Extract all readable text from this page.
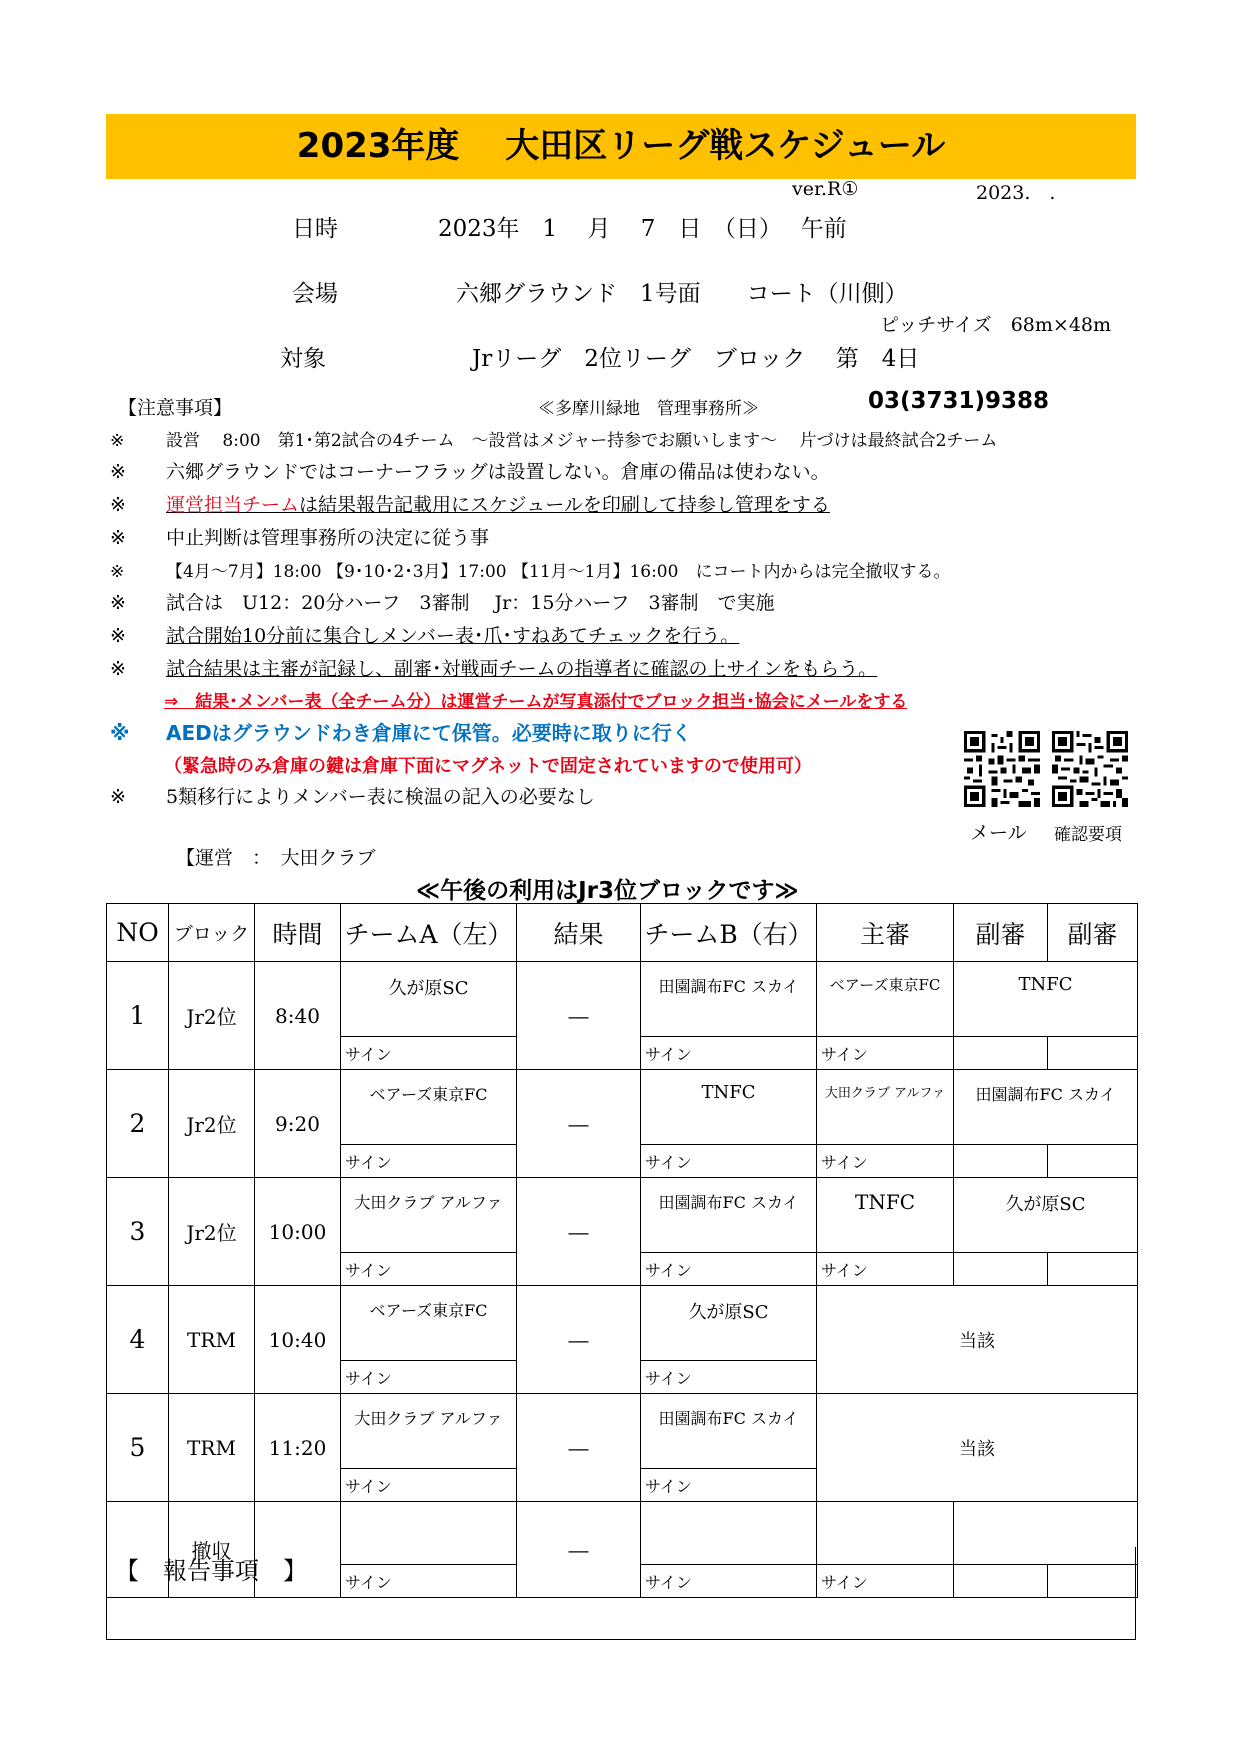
2023年度　 大田区リーグ戦スケジュール
ver.R①	2023.　.
日時	2023年　1　 月　 7　日　（日）　 午前
会場	六郷グラウンド　1号面　　コート（川側）
ピッチサイズ　68m×48m
対象	Jrリーグ　2位リーグ　ブロック　 第　4日
【注意事項】	≪多摩川緑地　管理事務所≫	03(3731)9388
※ 設営　 8:00　第1･第2試合の4チーム　～設営はメジャー持参でお願いします～　 片づけは最終試合2チーム
※ 六郷グラウンドではコーナーフラッグは設置しない。倉庫の備品は使わない。
※ 運営担当チームは結果報告記載用にスケジュールを印刷して持参し管理をする
※ 中止判断は管理事務所の決定に従う事
※ 【4月～7月】18:00 【9･10･2･3月】17:00 【11月～1月】16:00　にコート内からは完全撤収する。
※ 試合は　U12：20分ハーフ　3審制　 Jr：15分ハーフ　3審制　で実施
※ 試合開始10分前に集合しメンバー表･爪･すねあてチェックを行う。
※ 試合結果は主審が記録し、副審･対戦両チームの指導者に確認の上サインをもらう。
⇒　結果･メンバー表（全チーム分）は運営チームが写真添付でブロック担当･協会にメールをする
※ AEDはグラウンドわき倉庫にて保管。必要時に取りに行く
（緊急時のみ倉庫の鍵は倉庫下面にマグネットで固定されていますので使用可）
※ 5類移行によりメンバー表に検温の記入の必要なし
メール 確認要項
【運営　：　大田クラブ
≪午後の利用はJr3位ブロックです≫
NO	ブロック	時間	チームA（左）	結果	チームB（右）	主審	副審	副審
1	Jr2位	8:40	久が原SC	―	田園調布FC スカイ	ベアーズ東京FC	TNFC	
			サイン		サイン	サイン		
2	Jr2位	9:20	ベアーズ東京FC	―	TNFC	大田クラブ アルファ	田園調布FC スカイ	
			サイン		サイン	サイン		
3	Jr2位	10:00	大田クラブ アルファ	―	田園調布FC スカイ	TNFC	久が原SC	
			サイン		サイン	サイン		
4	TRM	10:40	ベアーズ東京FC	―	久が原SC	当該		
			サイン		サイン			
5	TRM	11:20	大田クラブ アルファ	―	田園調布FC スカイ	当該		
			サイン		サイン			
	撤収			―				
			サイン		サイン	サイン		
【　報告事項　】
